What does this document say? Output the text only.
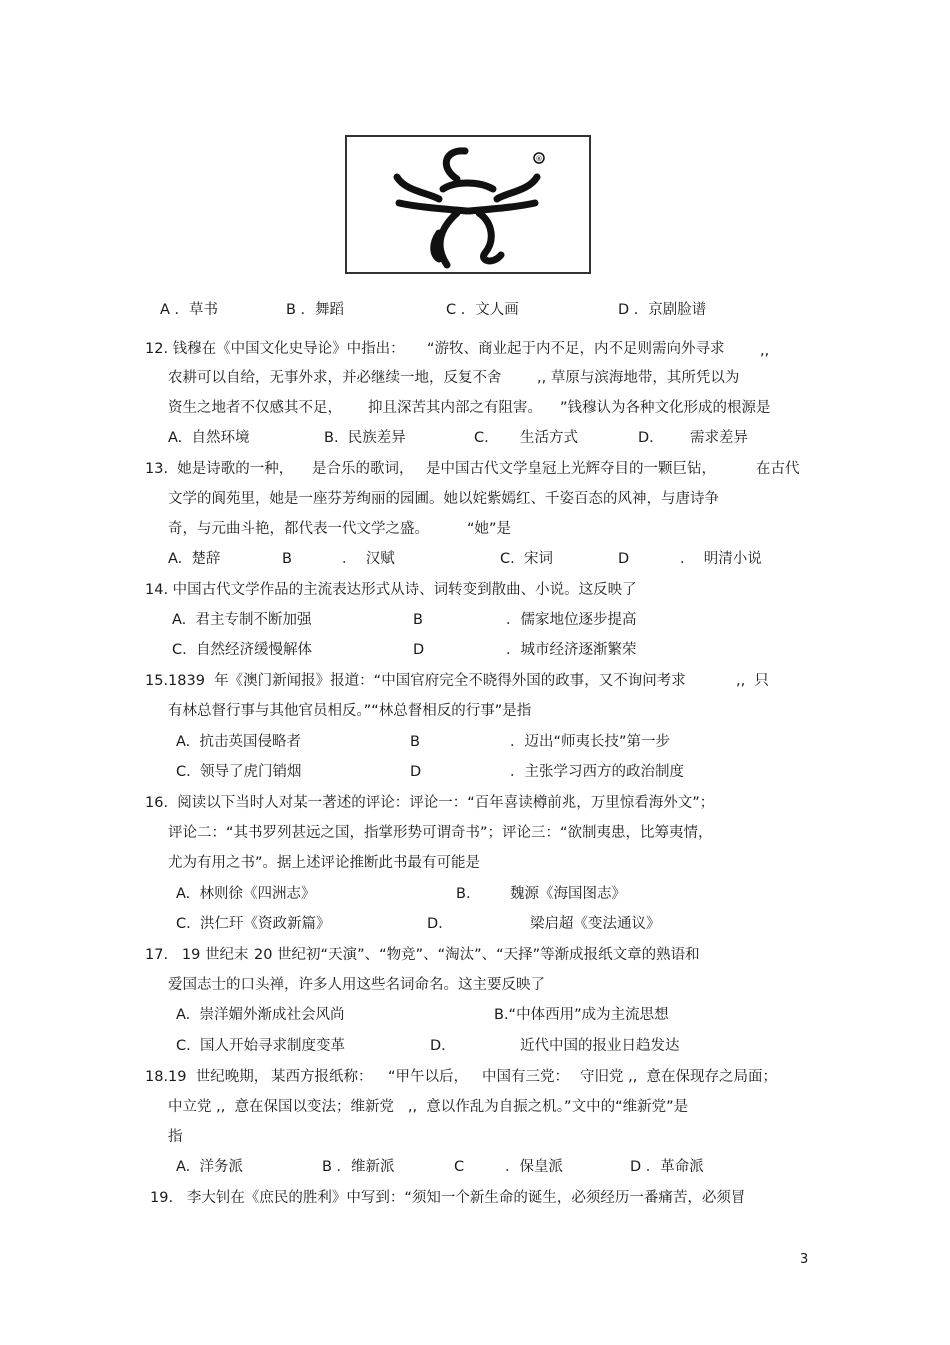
®
A ．草书	B ．舞蹈	C ．文人画	D ．京剧脸谱
12. 钱穆在《中国文化史导论》中指出： “游牧、商业起于内不足，内不足则需向外寻求 ,,
农耕可以自给，无事外求，并必继续一地，反复不舍 ,, 草原与滨海地带，其所凭以为
资生之地者不仅感其不足， 抑且深苦其内部之有阻害。 ”钱穆认为各种文化形成的根源是
A.  自然环境	B.  民族差异	C. 生活方式	D. 需求差异
13.  她是诗歌的一种， 是合乐的歌词， 是中国古代文学皇冠上光辉夺目的一颗巨钻，	在古代
文学的阆苑里，她是一座芬芳绚丽的园圃。她以姹紫嫣红、千姿百态的风神，与唐诗争
奇，与元曲斗艳，都代表一代文学之盛。	“她”是
A.  楚辞	B	．  汉赋	C.  宋词	D	．  明清小说
14. 中国古代文学作品的主流表达形式从诗、词转变到散曲、小说。这反映了
A.  君主专制不断加强	B	．儒家地位逐步提高
C.  自然经济缓慢解体	D	．城市经济逐渐繁荣
15.1839  年《澳门新闻报》报道：“中国官府完全不晓得外国的政事，又不询问考求	,,  只
有林总督行事与其他官员相反。”“林总督相反的行事”是指
A.  抗击英国侵略者	B	．迈出“师夷长技”第一步
C.  领导了虎门销烟	D	．主张学习西方的政治制度
16.  阅读以下当时人对某一著述的评论：评论一：“百年喜读樽前兆，万里惊看海外文”；
评论二：“其书罗列甚远之国，指掌形势可谓奇书”；评论三：“欲制夷患，比筹夷情，
尤为有用之书”。据上述评论推断此书最有可能是
A.  林则徐《四洲志》	B.	魏源《海国图志》
C.  洪仁玕《资政新篇》	D.	梁启超《变法通议》
17.   19 世纪末 20 世纪初“天演”、“物竞”、“淘汰”、“天择”等渐成报纸文章的熟语和
爱国志士的口头禅，许多人用这些名词命名。这主要反映了
A.  崇洋媚外渐成社会风尚	B.“中体西用”成为主流思想
C.  国人开始寻求制度变革	D.	近代中国的报业日趋发达
18.19  世纪晚期， 某西方报纸称： “甲午以后， 中国有三党： 守旧党 ,,  意在保现存之局面；
中立党 ,,  意在保国以变法；维新党   ,,  意以作乱为自振之机。”文中的“维新党”是
指
A.  洋务派	B ．维新派	C	．保皇派	D ．革命派
19.   李大钊在《庶民的胜利》中写到：“须知一个新生命的诞生，必须经历一番痛苦，必须冒
3
